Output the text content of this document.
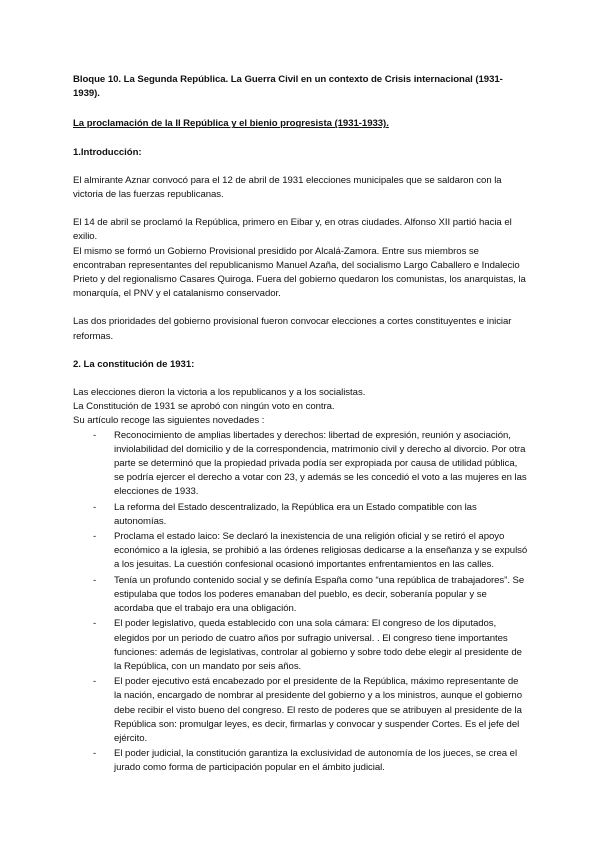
Bloque 10. La Segunda República. La Guerra Civil en un contexto de Crisis internacional (1931-1939).

La proclamación de la II República y el bienio progresista (1931-1933).

1.Introducción:

El almirante Aznar convocó para el 12 de abril de 1931 elecciones municipales que se saldaron con la victoria de las fuerzas republicanas.

El 14 de abril se proclamó la República, primero en Eibar y, en otras ciudades. Alfonso XII partió hacia el exilio.

El mismo se formó un Gobierno Provisional presidido por Alcalá-Zamora. Entre sus miembros se encontraban representantes del republicanismo Manuel Azaña, del socialismo Largo Caballero e Indalecio Prieto y del regionalismo Casares Quiroga. Fuera del gobierno quedaron los comunistas, los anarquistas, la monarquía, el PNV y el catalanismo conservador.

Las dos prioridades del gobierno provisional fueron convocar elecciones a cortes constituyentes e iniciar reformas.

2. La constitución de 1931:

Las elecciones dieron la victoria a los republicanos y a los socialistas.

La Constitución de 1931 se aprobó con ningún voto en contra.

Su artículo recoge las siguientes novedades :

- Reconocimiento de amplias libertades y derechos: libertad de expresión, reunión y asociación, inviolabilidad del domicilio y de la correspondencia, matrimonio civil y derecho al divorcio. Por otra parte se determinó que la propiedad privada podía ser expropiada por causa de utilidad pública, se podría ejercer el derecho a votar con 23, y además se les concedió el voto a las mujeres en las elecciones de 1933.
- La reforma del Estado descentralizado, la República era un Estado compatible con las autonomías.
- Proclama el estado laico: Se declaró la inexistencia de una religión oficial y se retiró el apoyo económico a la iglesia, se prohibió a las órdenes religiosas dedicarse a la enseñanza y se expulsó a los jesuitas. La cuestión confesional ocasionó importantes enfrentamientos en las calles.
- Tenía un profundo contenido social y se definía España como “una república de trabajadores”. Se estipulaba que todos los poderes emanaban del pueblo, es decir, soberanía popular y se acordaba que el trabajo era una obligación.
- El poder legislativo, queda establecido con una sola cámara: El congreso de los diputados, elegidos por un periodo de cuatro años por sufragio universal. . El congreso tiene importantes funciones: además de legislativas, controlar al gobierno y sobre todo debe elegir al presidente de la República, con un mandato por seis años.
- El poder ejecutivo está encabezado por el presidente de la República, máximo representante de la nación, encargado de nombrar al presidente del gobierno y a los ministros, aunque el gobierno debe recibir el visto bueno del congreso. El resto de poderes que se atribuyen al presidente de la República son: promulgar leyes, es decir, firmarlas y convocar y suspender Cortes. Es el jefe del ejército.
- El poder judicial, la constitución garantiza la exclusividad de autonomía de los jueces, se crea el jurado como forma de participación popular en el ámbito judicial.
